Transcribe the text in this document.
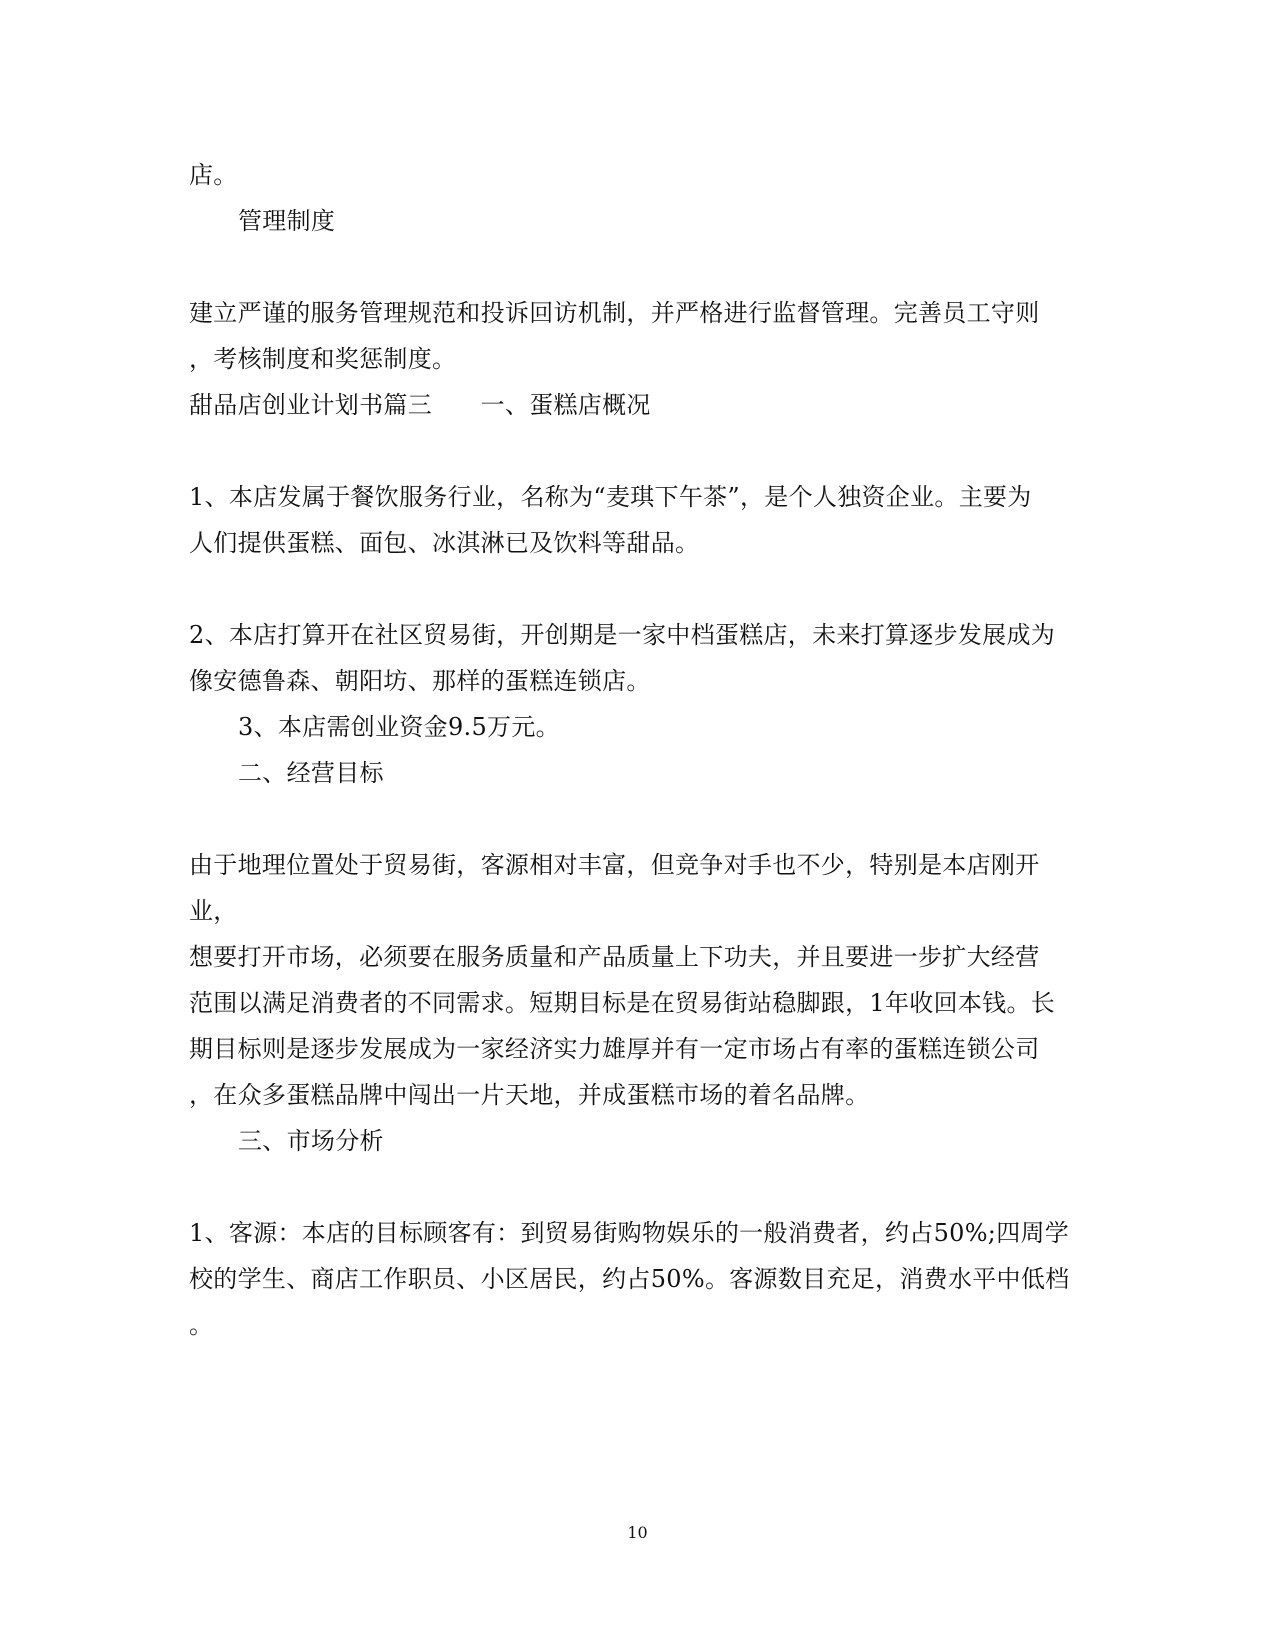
店。
管理制度
建立严谨的服务管理规范和投诉回访机制，并严格进行监督管理。完善员工守则
，考核制度和奖惩制度。
甜品店创业计划书篇三　　一、蛋糕店概况
1、本店发属于餐饮服务行业，名称为“麦琪下午茶”，是个人独资企业。主要为
人们提供蛋糕、面包、冰淇淋已及饮料等甜品。
2、本店打算开在社区贸易街，开创期是一家中档蛋糕店，未来打算逐步发展成为
像安德鲁森、朝阳坊、那样的蛋糕连锁店。
3、本店需创业资金9.5万元。
二、经营目标
由于地理位置处于贸易街，客源相对丰富，但竞争对手也不少，特别是本店刚开
业，
想要打开市场，必须要在服务质量和产品质量上下功夫，并且要进一步扩大经营
范围以满足消费者的不同需求。短期目标是在贸易街站稳脚跟，1年收回本钱。长
期目标则是逐步发展成为一家经济实力雄厚并有一定市场占有率的蛋糕连锁公司
，在众多蛋糕品牌中闯出一片天地，并成蛋糕市场的着名品牌。
三、市场分析
1、客源：本店的目标顾客有：到贸易街购物娱乐的一般消费者，约占50%;四周学
校的学生、商店工作职员、小区居民，约占50%。客源数目充足，消费水平中低档
。
10
